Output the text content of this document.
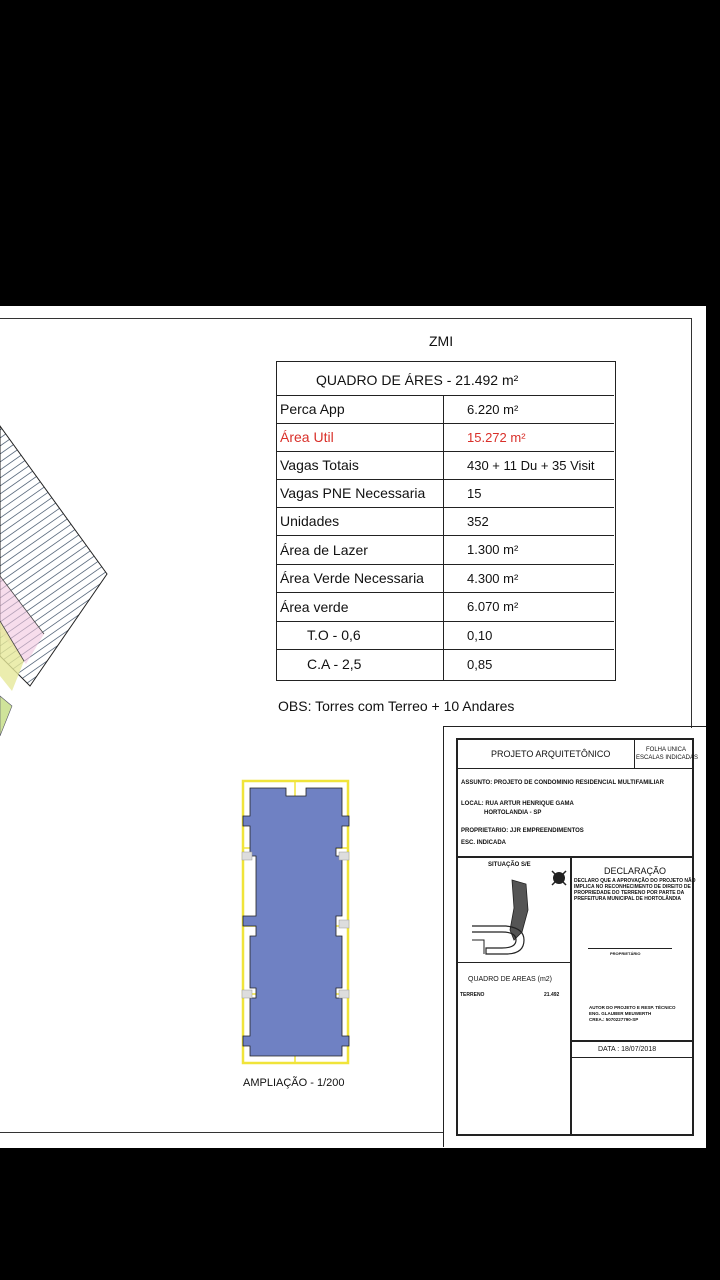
ZMI
QUADRO DE ÁRES - 21.492 m²
Perca App	6.220 m²
Área Util	15.272 m²
Vagas Totais	430 + 11 Du + 35 Visit
Vagas PNE Necessaria	15
Unidades	352
Área de Lazer	1.300 m²
Área Verde Necessaria	4.300 m²
Área verde	6.070 m²
T.O - 0,6	0,10
C.A - 2,5	0,85
OBS: Torres com Terreo + 10 Andares
AMPLIAÇÃO - 1/200
PROJETO ARQUITETÔNICO	FOLHA UNICA
ESCALAS INDICADAS
ASSUNTO: PROJETO DE CONDOMINIO RESIDENCIAL MULTIFAMILIAR
LOCAL: RUA ARTUR HENRIQUE GAMA
HORTOLANDIA - SP
PROPRIETARIO: JJR EMPREENDIMENTOS
ESC. INDICADA
SITUAÇÃO S/E
QUADRO DE AREAS (m2)
TERRENO	21.492
DECLARAÇÃO
DECLARO QUE A APROVAÇÃO DO PROJETO NÃO
IMPLICA NO RECONHECIMENTO DE DIREITO DE
PROPRIEDADE DO TERRENO POR PARTE DA
PREFEITURA MUNICIPAL DE HORTOLÂNDIA
PROPRIETÁRIO
AUTOR DO PROJETO E RESP. TÉCNICO
ENG. GLAUBER MEUWERTH
CREA.: 5070227790-SP
DATA : 18/07/2018
